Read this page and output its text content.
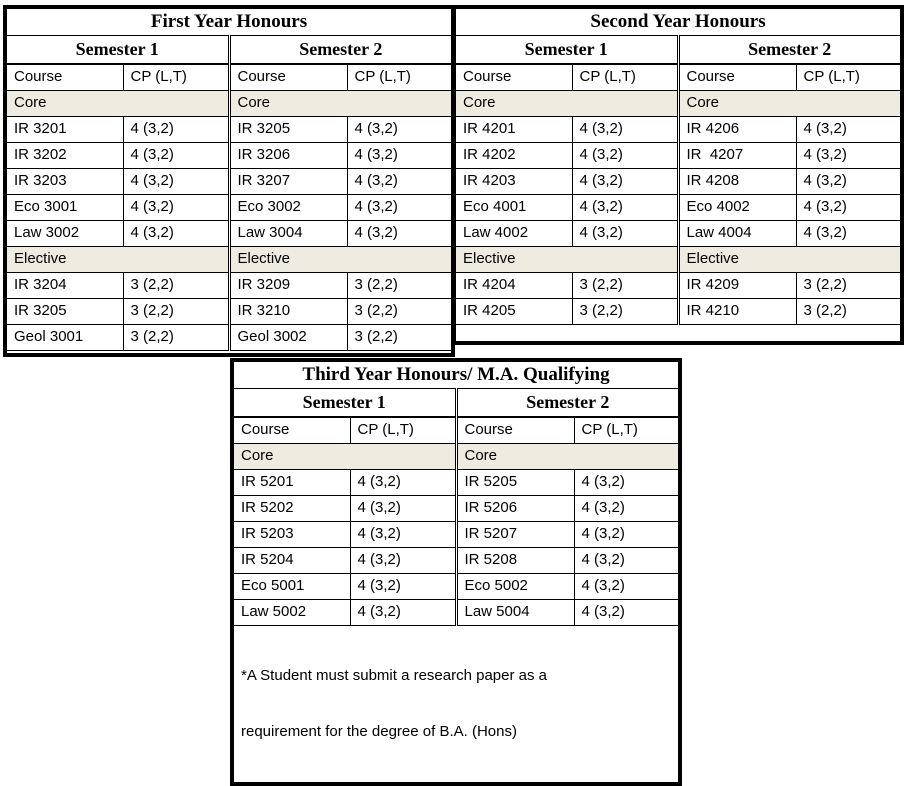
First Year Honours			
Semester 1		Semester 2	
Course	CP (L,T)	Course	CP (L,T)
Core		Core	
IR 3201	4 (3,2)	IR 3205	4 (3,2)
IR 3202	4 (3,2)	IR 3206	4 (3,2)
IR 3203	4 (3,2)	IR 3207	4 (3,2)
Eco 3001	4 (3,2)	Eco 3002	4 (3,2)
Law 3002	4 (3,2)	Law 3004	4 (3,2)
Elective		Elective	
IR 3204	3 (2,2)	IR 3209	3 (2,2)
IR 3205	3 (2,2)	IR 3210	3 (2,2)
Geol 3001	3 (2,2)	Geol 3002	3 (2,2)

Second Year Honours			
Semester 1		Semester 2	
Course	CP (L,T)	Course	CP (L,T)
Core		Core	
IR 4201	4 (3,2)	IR 4206	4 (3,2)
IR 4202	4 (3,2)	IR  4207	4 (3,2)
IR 4203	4 (3,2)	IR 4208	4 (3,2)
Eco 4001	4 (3,2)	Eco 4002	4 (3,2)
Law 4002	4 (3,2)	Law 4004	4 (3,2)
Elective		Elective	
IR 4204	3 (2,2)	IR 4209	3 (2,2)
IR 4205	3 (2,2)	IR 4210	3 (2,2)

Third Year Honours/ M.A. Qualifying			
Semester 1		Semester 2	
Course	CP (L,T)	Course	CP (L,T)
Core		Core	
IR 5201	4 (3,2)	IR 5205	4 (3,2)
IR 5202	4 (3,2)	IR 5206	4 (3,2)
IR 5203	4 (3,2)	IR 5207	4 (3,2)
IR 5204	4 (3,2)	IR 5208	4 (3,2)
Eco 5001	4 (3,2)	Eco 5002	4 (3,2)
Law 5002	4 (3,2)	Law 5004	4 (3,2)

*A Student must submit a research paper as a

requirement for the degree of B.A. (Hons)			
